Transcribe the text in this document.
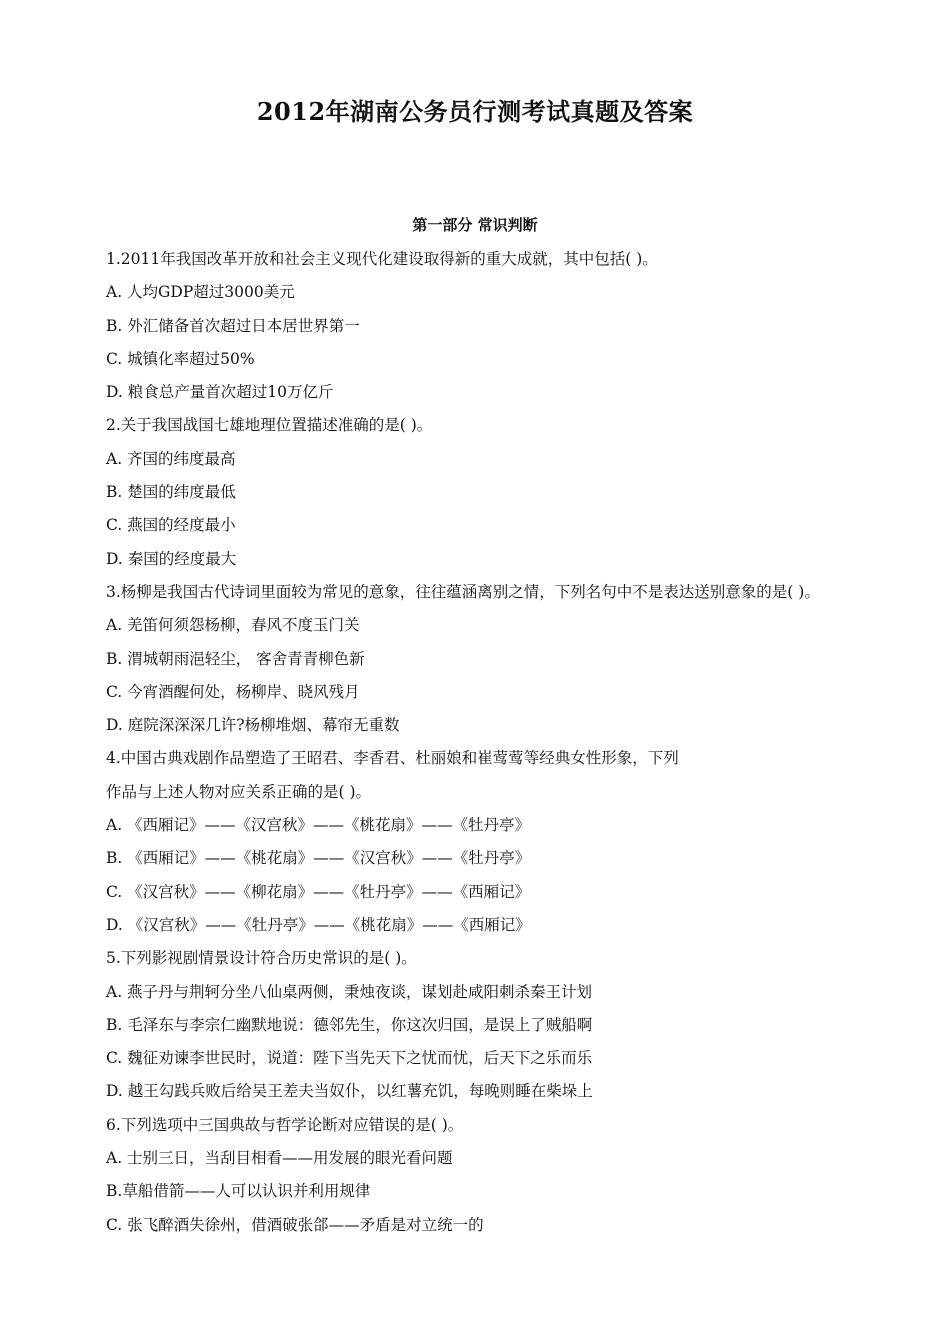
2012年湖南公务员行测考试真题及答案
第一部分 常识判断
1.2011年我国改革开放和社会主义现代化建设取得新的重大成就，其中包括( )。
A. 人均GDP超过3000美元
B. 外汇储备首次超过日本居世界第一
C. 城镇化率超过50%
D. 粮食总产量首次超过10万亿斤
2.关于我国战国七雄地理位置描述准确的是( )。
A. 齐国的纬度最高
B. 楚国的纬度最低
C. 燕国的经度最小
D. 秦国的经度最大
3.杨柳是我国古代诗词里面较为常见的意象，往往蕴涵离别之情，下列名句中不是表达送别意象的是( )。
A. 羌笛何须怨杨柳，春风不度玉门关
B. 渭城朝雨浥轻尘， 客舍青青柳色新
C. 今宵酒醒何处，杨柳岸、晓风残月
D. 庭院深深深几许?杨柳堆烟、幕帘无重数
4.中国古典戏剧作品塑造了王昭君、李香君、杜丽娘和崔莺莺等经典女性形象，下列
作品与上述人物对应关系正确的是( )。
A. 《西厢记》——《汉宫秋》——《桃花扇》——《牡丹亭》
B. 《西厢记》——《桃花扇》——《汉宫秋》——《牡丹亭》
C. 《汉宫秋》——《柳花扇》——《牡丹亭》——《西厢记》
D. 《汉宫秋》——《牡丹亭》——《桃花扇》——《西厢记》
5.下列影视剧情景设计符合历史常识的是( )。
A. 燕子丹与荆轲分坐八仙桌两侧，秉烛夜谈，谋划赴咸阳刺杀秦王计划
B. 毛泽东与李宗仁幽默地说：德邻先生，你这次归国，是误上了贼船啊
C. 魏征劝谏李世民时，说道：陛下当先天下之忧而忧，后天下之乐而乐
D. 越王勾践兵败后给吴王差夫当奴仆，以红薯充饥，每晚则睡在柴垛上
6.下列选项中三国典故与哲学论断对应错误的是( )。
A. 士别三日，当刮目相看——用发展的眼光看问题
B.草船借箭——人可以认识并利用规律
C. 张飞醉酒失徐州，借酒破张郃——矛盾是对立统一的
